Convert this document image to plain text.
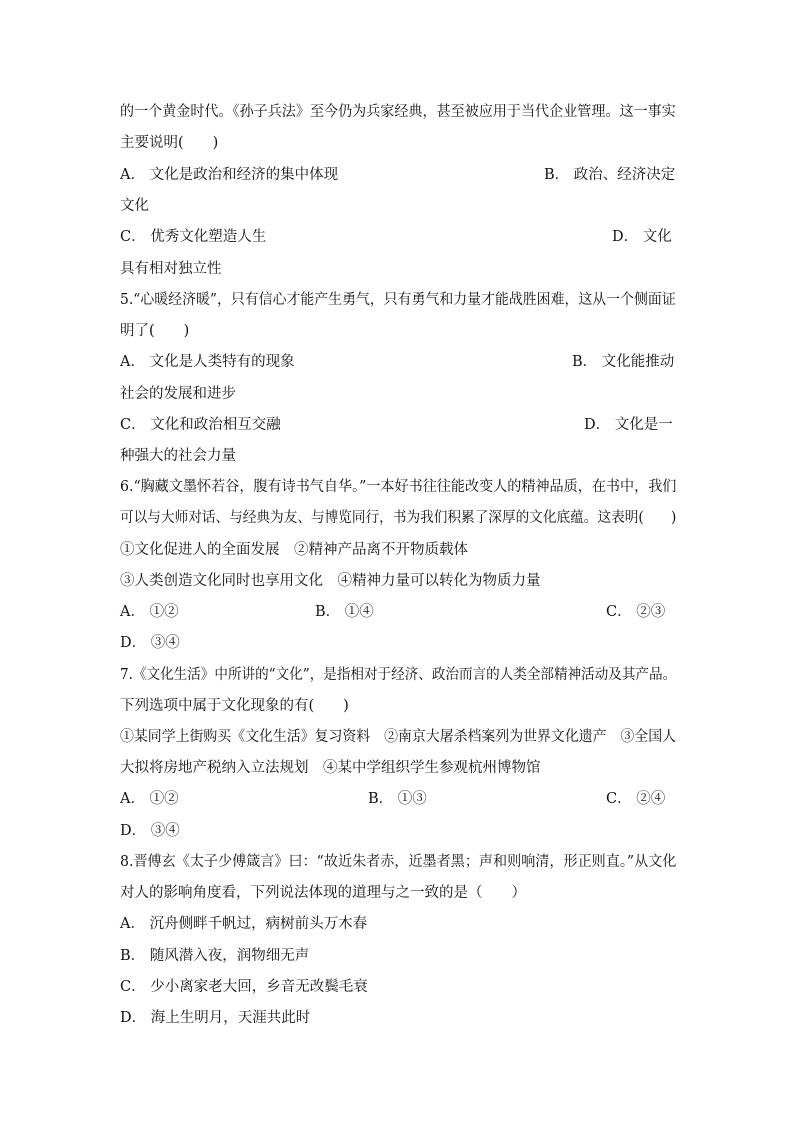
的一个黄金时代。《孙子兵法》至今仍为兵家经典，甚至被应用于当代企业管理。这一事实
主要说明(　　)
A． 文化是政治和经济的集中体现	B． 政治、经济决定
文化
C． 优秀文化塑造人生	D． 文化
具有相对独立性
5.“心暖经济暖”，只有信心才能产生勇气，只有勇气和力量才能战胜困难，这从一个侧面证
明了(　　)
A． 文化是人类特有的现象	B． 文化能推动
社会的发展和进步
C． 文化和政治相互交融	D． 文化是一
种强大的社会力量
6.“胸藏文墨怀若谷，腹有诗书气自华。”一本好书往往能改变人的精神品质，在书中，我们
可以与大师对话、与经典为友、与博览同行，书为我们积累了深厚的文化底蕴。这表明(　　)
①文化促进人的全面发展　②精神产品离不开物质载体
③人类创造文化同时也享用文化　④精神力量可以转化为物质力量
A． ①②	B． ①④	C． ②③
D． ③④
7.《文化生活》中所讲的“文化”，是指相对于经济、政治而言的人类全部精神活动及其产品。
下列选项中属于文化现象的有(　　)
①某同学上街购买《文化生活》复习资料　②南京大屠杀档案列为世界文化遗产　③全国人
大拟将房地产税纳入立法规划　④某中学组织学生参观杭州博物馆
A． ①②	B． ①③	C． ②④
D． ③④
8.晋傅玄《太子少傅箴言》曰：“故近朱者赤，近墨者黑；声和则响清，形正则直。”从文化
对人的影响角度看，下列说法体现的道理与之一致的是（　　）
A． 沉舟侧畔千帆过，病树前头万木春
B． 随风潜入夜，润物细无声
C． 少小离家老大回，乡音无改鬓毛衰
D． 海上生明月，天涯共此时
